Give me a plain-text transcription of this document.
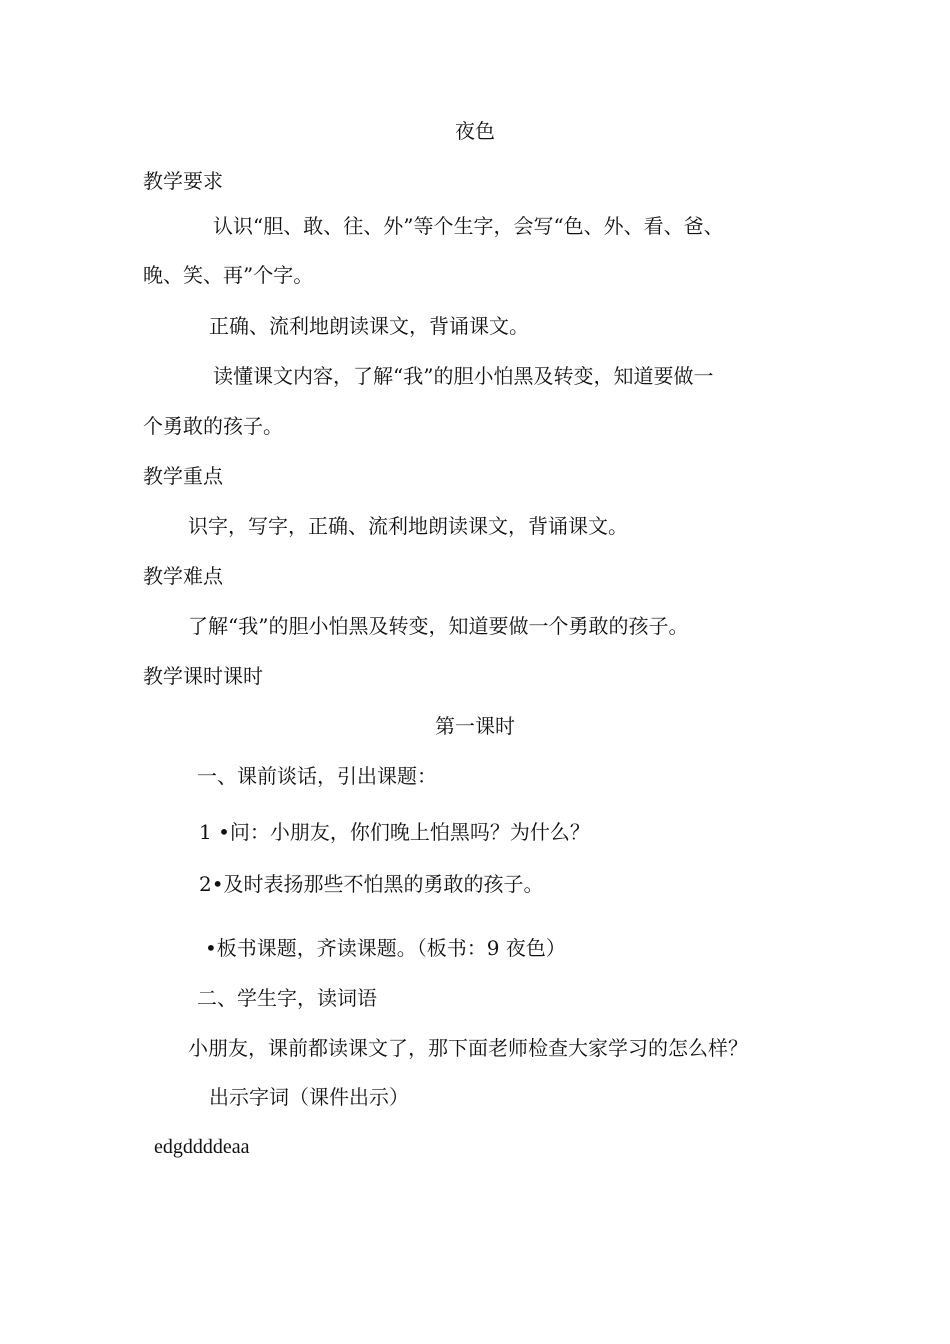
夜色
教学要求
认识“胆、敢、往、外”等个生字，会写“色、外、看、爸、
晚、笑、再”个字。
正确、流利地朗读课文，背诵课文。
读懂课文内容，了解“我”的胆小怕黑及转变，知道要做一
个勇敢的孩子。
教学重点
识字，写字，正确、流利地朗读课文，背诵课文。
教学难点
了解“我”的胆小怕黑及转变，知道要做一个勇敢的孩子。
教学课时课时
第一课时
一、课前谈话，引出课题：
1 •问：小朋友，你们晚上怕黑吗？为什么？
2•及时表扬那些不怕黑的勇敢的孩子。
•板书课题，齐读课题。（板书：9 夜色）
二、学生字，读词语
小朋友，课前都读课文了，那下面老师检查大家学习的怎么样？
出示字词（课件出示）
edgddddeaa
